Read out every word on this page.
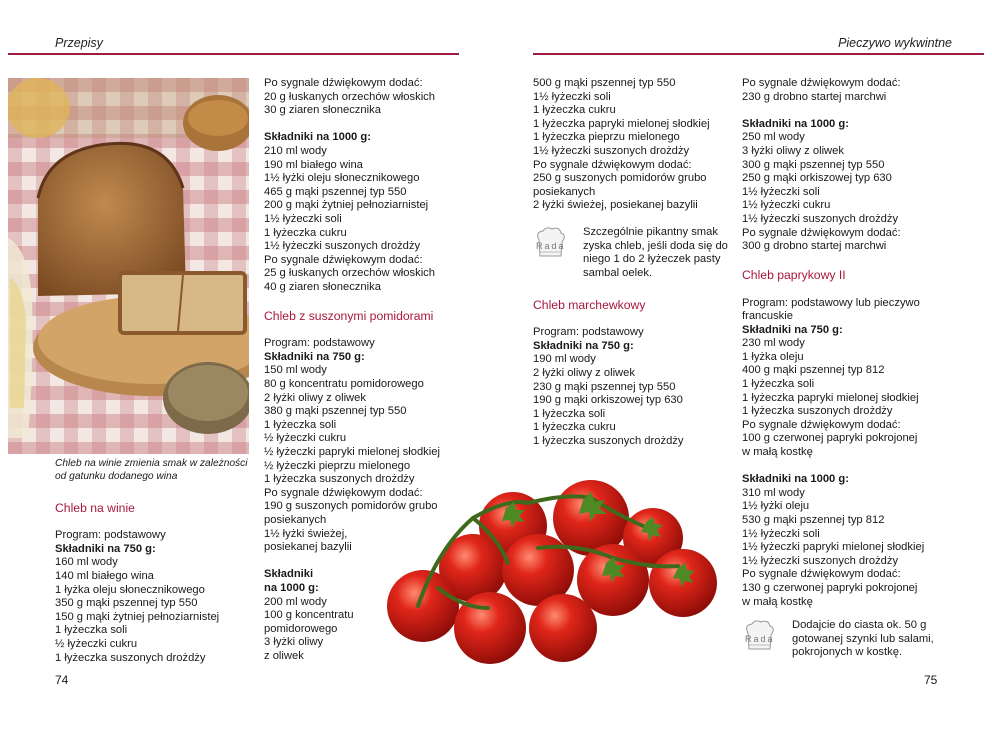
Przepisy	Pieczywo wykwintne
Chleb na winie zmienia smak w zależności
od gatunku dodanego wina
Chleb na winie
Program: podstawowy
Składniki na 750 g:
160 ml wody
140 ml białego wina
1 łyżka oleju słonecznikowego
350 g mąki pszennej typ 550
150 g mąki żytniej pełnoziarnistej
1 łyżeczka soli
½ łyżeczki cukru
1 łyżeczka suszonych drożdży
Po sygnale dźwiękowym dodać:
20 g łuskanych orzechów włoskich
30 g ziaren słonecznika
Składniki na 1000 g:
210 ml wody
190 ml białego wina
1½ łyżki oleju słonecznikowego
465 g mąki pszennej typ 550
200 g mąki żytniej pełnoziarnistej
1½ łyżeczki soli
1 łyżeczka cukru
1½ łyżeczki suszonych drożdży
Po sygnale dźwiękowym dodać:
25 g łuskanych orzechów włoskich
40 g ziaren słonecznika
Chleb z suszonymi pomidorami
Program: podstawowy
Składniki na 750 g:
150 ml wody
80 g koncentratu pomidorowego
2 łyżki oliwy z oliwek
380 g mąki pszennej typ 550
1 łyżeczka soli
½ łyżeczki cukru
½ łyżeczki papryki mielonej słodkiej
½ łyżeczki pieprzu mielonego
1 łyżeczka suszonych drożdży
Po sygnale dźwiękowym dodać:
190 g suszonych pomidorów grubo
posiekanych
1½ łyżki świeżej,
posiekanej bazylii
Składniki
na 1000 g:
200 ml wody
100 g koncentratu
pomidorowego
3 łyżki oliwy
z oliwek
500 g mąki pszennej typ 550
1½ łyżeczki soli
1 łyżeczka cukru
1 łyżeczka papryki mielonej słodkiej
1 łyżeczka pieprzu mielonego
1½ łyżeczki suszonych drożdży
Po sygnale dźwiękowym dodać:
250 g suszonych pomidorów grubo
posiekanych
2 łyżki świeżej, posiekanej bazylii
Rada
Szczególnie pikantny smak
zyska chleb, jeśli doda się do
niego 1 do 2 łyżeczek pasty
sambal oelek.
Chleb marchewkowy
Program: podstawowy
Składniki na 750 g:
190 ml wody
2 łyżki oliwy z oliwek
230 g mąki pszennej typ 550
190 g mąki orkiszowej typ 630
1 łyżeczka soli
1 łyżeczka cukru
1 łyżeczka suszonych drożdży
Po sygnale dźwiękowym dodać:
230 g drobno startej marchwi
Składniki na 1000 g:
250 ml wody
3 łyżki oliwy z oliwek
300 g mąki pszennej typ 550
250 g mąki orkiszowej typ 630
1½ łyżeczki soli
1½ łyżeczki cukru
1½ łyżeczki suszonych drożdży
Po sygnale dźwiękowym dodać:
300 g drobno startej marchwi
Chleb paprykowy II
Program: podstawowy lub pieczywo
francuskie
Składniki na 750 g:
230 ml wody
1 łyżka oleju
400 g mąki pszennej typ 812
1 łyżeczka soli
1 łyżeczka papryki mielonej słodkiej
1 łyżeczka suszonych drożdży
Po sygnale dźwiękowym dodać:
100 g czerwonej papryki pokrojonej
w małą kostkę
Składniki na 1000 g:
310 ml wody
1½ łyżki oleju
530 g mąki pszennej typ 812
1½ łyżeczki soli
1½ łyżeczki papryki mielonej słodkiej
1½ łyżeczki suszonych drożdży
Po sygnale dźwiękowym dodać:
130 g czerwonej papryki pokrojonej
w małą kostkę
Rada
Dodajcie do ciasta ok. 50 g
gotowanej szynki lub salami,
pokrojonych w kostkę.
74	75
